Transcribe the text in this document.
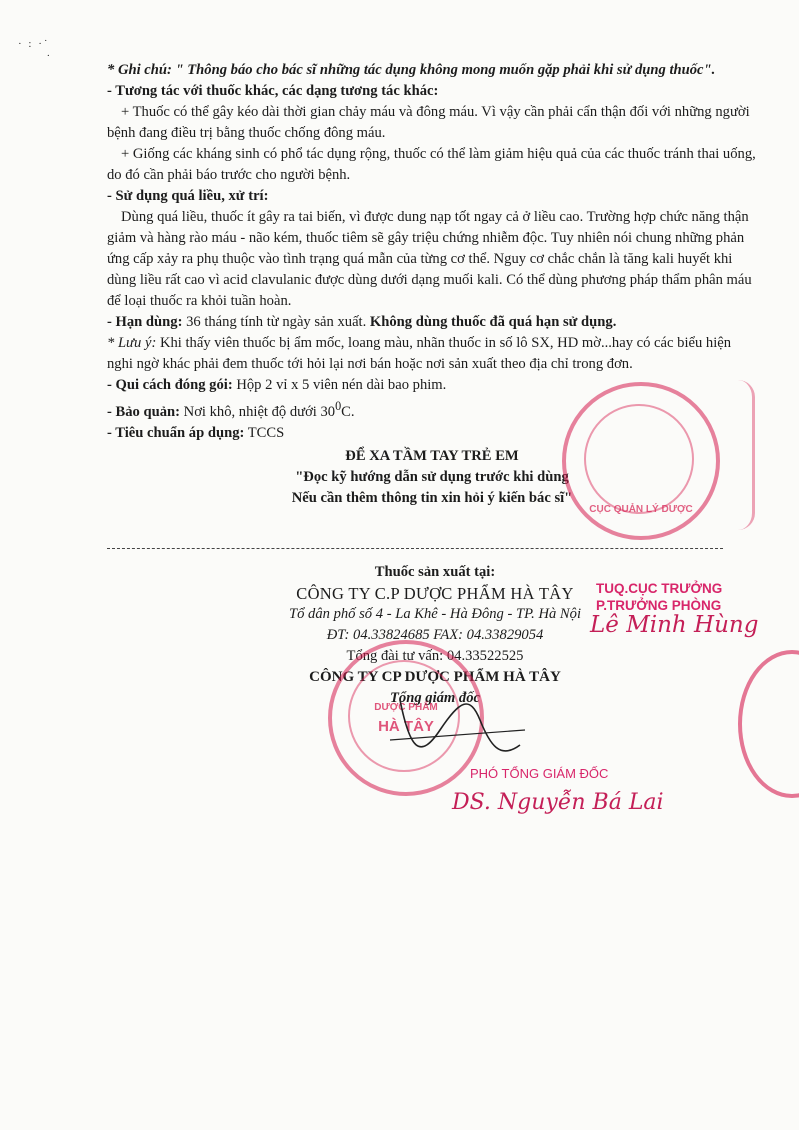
· : ·˙
·

* Ghi chú: " Thông báo cho bác sĩ những tác dụng không mong muốn gặp phải khi sử dụng thuốc".

- Tương tác với thuốc khác, các dạng tương tác khác:

+ Thuốc có thể gây kéo dài thời gian chảy máu và đông máu. Vì vậy cần phải cẩn thận đối với những người bệnh đang điều trị bằng thuốc chống đông máu.

+ Giống các kháng sinh có phổ tác dụng rộng, thuốc có thể làm giảm hiệu quả của các thuốc tránh thai uống, do đó cần phải báo trước cho người bệnh.

- Sử dụng quá liều, xử trí:

Dùng quá liều, thuốc ít gây ra tai biến, vì được dung nạp tốt ngay cả ở liều cao. Trường hợp chức năng thận giảm và hàng rào máu - não kém, thuốc tiêm sẽ gây triệu chứng nhiễm độc. Tuy nhiên nói chung những phản ứng cấp xảy ra phụ thuộc vào tình trạng quá mẫn của từng cơ thể. Nguy cơ chắc chắn là tăng kali huyết khi dùng liều rất cao vì acid clavulanic được dùng dưới dạng muối kali. Có thể dùng phương pháp thẩm phân máu để loại thuốc ra khỏi tuần hoàn.

- Hạn dùng: 36 tháng tính từ ngày sản xuất. Không dùng thuốc đã quá hạn sử dụng.

* Lưu ý: Khi thấy viên thuốc bị ẩm mốc, loang màu, nhãn thuốc in số lô SX, HD mờ...hay có các biểu hiện nghi ngờ khác phải đem thuốc tới hỏi lại nơi bán hoặc nơi sản xuất theo địa chỉ trong đơn.

- Qui cách đóng gói: Hộp 2 vỉ x 5 viên nén dài bao phim.

- Bảo quản: Nơi khô, nhiệt độ dưới $30^0C$.

- Tiêu chuẩn áp dụng: TCCS

ĐỂ XA TẦM TAY TRẺ EM

"Đọc kỹ hướng dẫn sử dụng trước khi dùng

Nếu cần thêm thông tin xin hỏi ý kiến bác sĩ"

CỤC QUẢN LÝ DƯỢC

Thuốc sản xuất tại:

CÔNG TY C.P DƯỢC PHẨM HÀ TÂY

Tổ dân phố số 4 - La Khê - Hà Đông - TP. Hà Nội

ĐT: 04.33824685 FAX: 04.33829054

Tổng đài tư vấn: 04.33522525

CÔNG TY CP DƯỢC PHẨM HÀ TÂY

Tổng giám đốc

DƯỢC PHẨM
HÀ TÂY
TUQ.CỤC TRƯỞNG
P.TRƯỞNG PHÒNG
Lê Minh Hùng
PHÓ TỔNG GIÁM ĐỐC
DS. Nguyễn Bá Lai
